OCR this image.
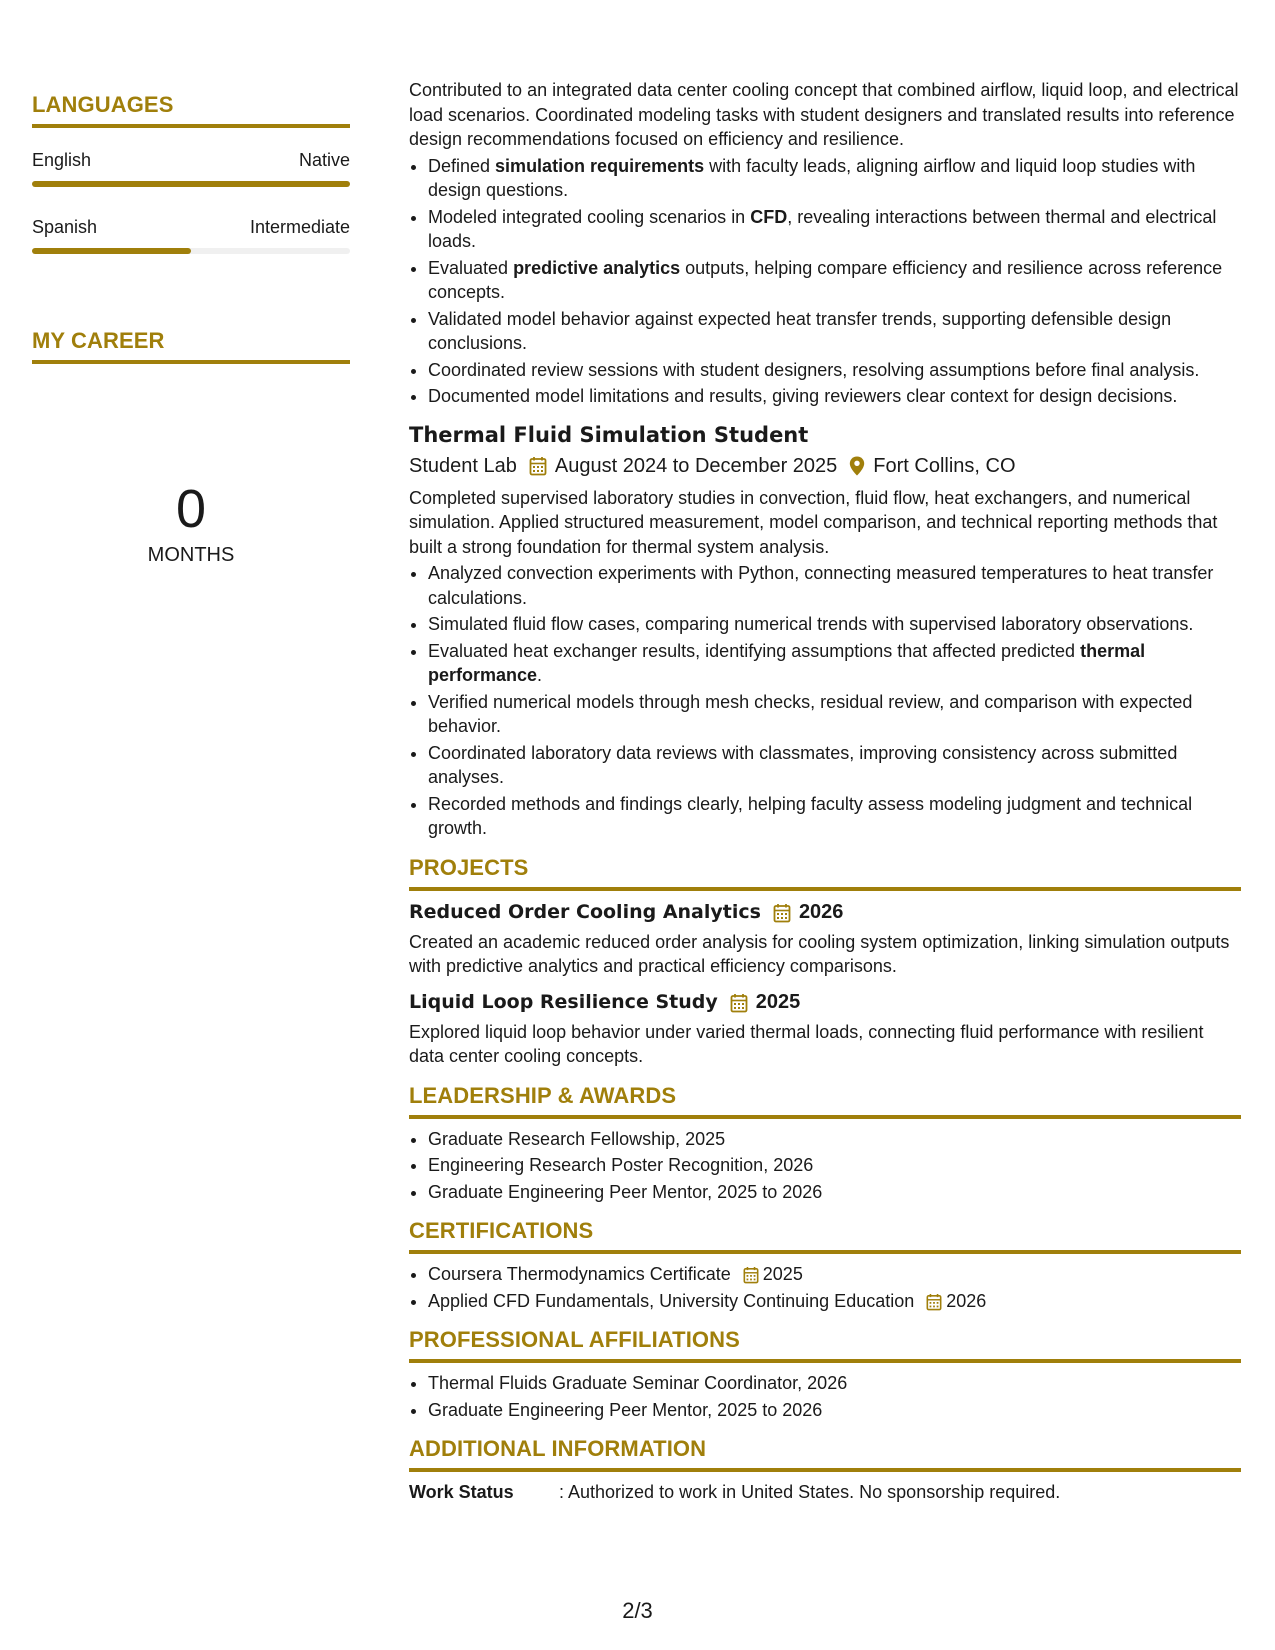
LANGUAGES
English	Native
Spanish	Intermediate
MY CAREER
0
MONTHS

Contributed to an integrated data center cooling concept that combined airflow, liquid loop, and electrical load scenarios. Coordinated modeling tasks with student designers and translated results into reference design recommendations focused on efficiency and resilience.

• Defined simulation requirements with faculty leads, aligning airflow and liquid loop studies with design questions.
• Modeled integrated cooling scenarios in CFD, revealing interactions between thermal and electrical loads.
• Evaluated predictive analytics outputs, helping compare efficiency and resilience across reference concepts.
• Validated model behavior against expected heat transfer trends, supporting defensible design conclusions.
• Coordinated review sessions with student designers, resolving assumptions before final analysis.
• Documented model limitations and results, giving reviewers clear context for design decisions.
Thermal Fluid Simulation Student
Student Lab August 2024 to December 2025 Fort Collins, CO

Completed supervised laboratory studies in convection, fluid flow, heat exchangers, and numerical simulation. Applied structured measurement, model comparison, and technical reporting methods that built a strong foundation for thermal system analysis.

• Analyzed convection experiments with Python, connecting measured temperatures to heat transfer calculations.
• Simulated fluid flow cases, comparing numerical trends with supervised laboratory observations.
• Evaluated heat exchanger results, identifying assumptions that affected predicted thermal performance.
• Verified numerical models through mesh checks, residual review, and comparison with expected behavior.
• Coordinated laboratory data reviews with classmates, improving consistency across submitted analyses.
• Recorded methods and findings clearly, helping faculty assess modeling judgment and technical growth.
PROJECTS
Reduced Order Cooling Analytics 2026

Created an academic reduced order analysis for cooling system optimization, linking simulation outputs with predictive analytics and practical efficiency comparisons.

Liquid Loop Resilience Study 2025

Explored liquid loop behavior under varied thermal loads, connecting fluid performance with resilient data center cooling concepts.

LEADERSHIP & AWARDS
• Graduate Research Fellowship, 2025
• Engineering Research Poster Recognition, 2026
• Graduate Engineering Peer Mentor, 2025 to 2026
CERTIFICATIONS
• Coursera Thermodynamics Certificate 2025
• Applied CFD Fundamentals, University Continuing Education 2026
PROFESSIONAL AFFILIATIONS
• Thermal Fluids Graduate Seminar Coordinator, 2026
• Graduate Engineering Peer Mentor, 2025 to 2026
ADDITIONAL INFORMATION
Work Status	: Authorized to work in United States. No sponsorship required.
2/3
